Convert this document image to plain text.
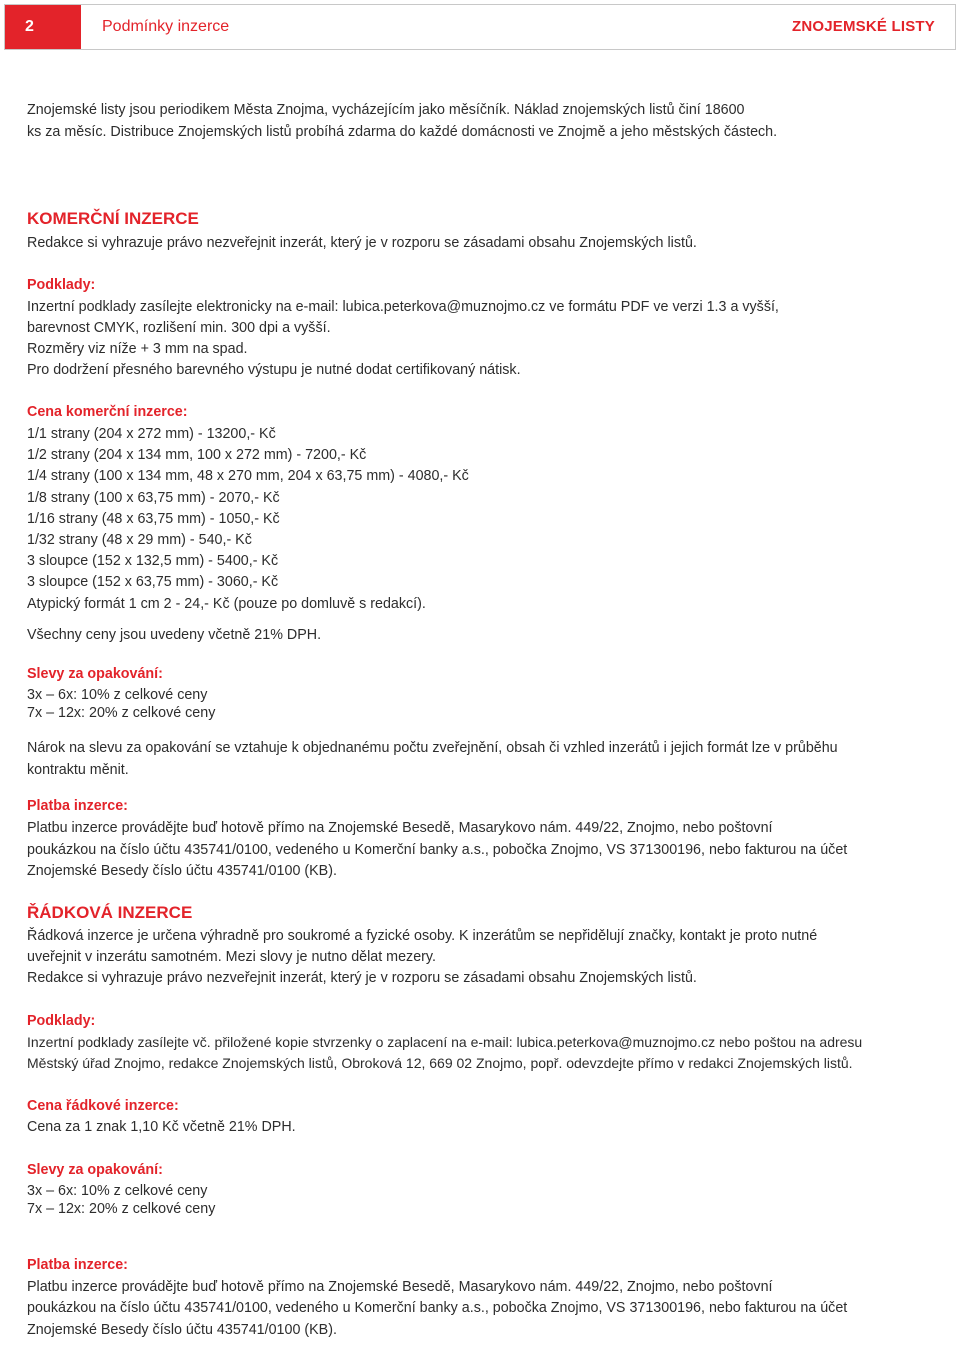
2	Podmínky inzerce	ZNOJEMSKÉ LISTY
Znojemské listy jsou periodikem Města Znojma, vycházejícím jako měsíčník. Náklad znojemských listů činí 18600
ks za měsíc. Distribuce Znojemských listů probíhá zdarma do každé domácnosti ve Znojmě a jeho městských částech.
KOMERČNÍ INZERCE
Redakce si vyhrazuje právo nezveřejnit inzerát, který je v rozporu se zásadami obsahu Znojemských listů.
Podklady:
Inzertní podklady zasílejte elektronicky na e-mail: lubica.peterkova@muznojmo.cz ve formátu PDF ve verzi 1.3 a vyšší,
barevnost CMYK, rozlišení min. 300 dpi a vyšší.
Rozměry viz níže + 3 mm na spad.
Pro dodržení přesného barevného výstupu je nutné dodat certifikovaný nátisk.
Cena komerční inzerce:
1/1 strany (204 x 272 mm) - 13200,- Kč
1/2 strany (204 x 134 mm, 100 x 272 mm) - 7200,- Kč
1/4 strany (100 x 134 mm, 48 x 270 mm, 204 x 63,75 mm) - 4080,- Kč
1/8 strany (100 x 63,75 mm) - 2070,- Kč
1/16 strany (48 x 63,75 mm) - 1050,- Kč
1/32 strany (48 x 29 mm) - 540,- Kč
3 sloupce (152 x 132,5 mm) - 5400,- Kč
3 sloupce (152 x 63,75 mm) - 3060,- Kč
Atypický formát 1 cm 2 - 24,- Kč (pouze po domluvě s redakcí).
Všechny ceny jsou uvedeny včetně 21% DPH.
Slevy za opakování:
3x – 6x: 10% z celkové ceny
7x – 12x: 20% z celkové ceny
Nárok na slevu za opakování se vztahuje k objednanému počtu zveřejnění, obsah či vzhled inzerátů i jejich formát lze v průběhu
kontraktu měnit.
Platba inzerce:
Platbu inzerce provádějte buď hotově přímo na Znojemské Besedě, Masarykovo nám. 449/22, Znojmo, nebo poštovní
poukázkou na číslo účtu 435741/0100, vedeného u Komerční banky a.s., pobočka Znojmo, VS 371300196, nebo fakturou na účet
Znojemské Besedy číslo účtu 435741/0100 (KB).
ŘÁDKOVÁ INZERCE
Řádková inzerce je určena výhradně pro soukromé a fyzické osoby. K inzerátům se nepřidělují značky, kontakt je proto nutné
uveřejnit v inzerátu samotném. Mezi slovy je nutno dělat mezery.
Redakce si vyhrazuje právo nezveřejnit inzerát, který je v rozporu se zásadami obsahu Znojemských listů.
Podklady:
Inzertní podklady zasílejte vč. přiložené kopie stvrzenky o zaplacení na e-mail: lubica.peterkova@muznojmo.cz nebo poštou na adresu
Městský úřad Znojmo, redakce Znojemských listů, Obroková 12, 669 02 Znojmo, popř. odevzdejte přímo v redakci Znojemských listů.
Cena řádkové inzerce:
Cena za 1 znak 1,10 Kč včetně 21% DPH.
Slevy za opakování:
3x – 6x: 10% z celkové ceny
7x – 12x: 20% z celkové ceny
Platba inzerce:
Platbu inzerce provádějte buď hotově přímo na Znojemské Besedě, Masarykovo nám. 449/22, Znojmo, nebo poštovní
poukázkou na číslo účtu 435741/0100, vedeného u Komerční banky a.s., pobočka Znojmo, VS 371300196, nebo fakturou na účet
Znojemské Besedy číslo účtu 435741/0100 (KB).
